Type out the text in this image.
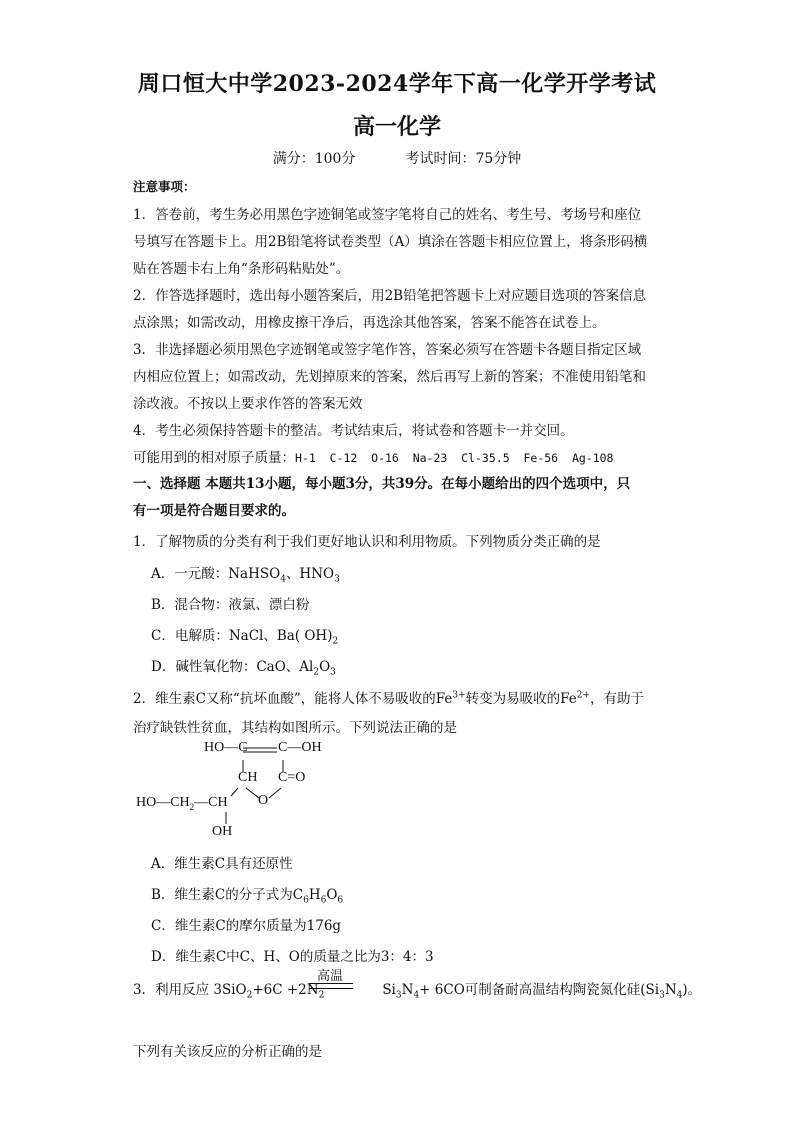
周口恒大中学2023-2024学年下高一化学开学考试
高一化学
满分：100分	考试时间：75分钟
注意事项：
1．答卷前，考生务必用黑色字迹铜笔或签字笔将自己的姓名、考生号、考场号和座位
号填写在答题卡上。用2B铅笔将试卷类型（A）填涂在答题卡相应位置上，将条形码横
贴在答题卡右上角“条形码粘贴处”。
2．作答选择题时，选出每小题答案后，用2B铅笔把答题卡上对应题目选项的答案信息
点涂黑；如需改动，用橡皮擦干净后，再选涂其他答案，答案不能答在试卷上。
3．非选择题必须用黑色字迹钢笔或签字笔作答，答案必须写在答题卡各题目指定区域
内相应位置上；如需改动，先划掉原来的答案，然后再写上新的答案；不准使用铅笔和
涂改液。不按以上要求作答的答案无效
4．考生必须保持答题卡的整洁。考试结束后，将试卷和答题卡一并交回。
可能用到的相对原子质量：H-1  C-12  O-16  Na-23  Cl-35.5  Fe-56  Ag-108
一、选择题 本题共13小题，每小题3分，共39分。在每小题给出的四个选项中，只
有一项是符合题目要求的。
1．了解物质的分类有利于我们更好地认识和利用物质。下列物质分类正确的是
A．一元酸：NaHSO$_4$、$HNO_3$
B．混合物：液氯、漂白粉
C．电解质：NaCl、Ba( $OH)_2$
D．碱性氧化物：CaO、$Al_2O_3$
2．维生素C又称“抗坏血酸”，能将人体不易吸收的$Fe^{3+}$转变为易吸收的$Fe^{2+}$，有助于
治疗缺铁性贫血，其结构如图所示。下列说法正确的是
HO—C C—OH
CH C=O
O
$HO—CH_2—CH$
OH
A．维生素C具有还原性
B．维生素C的分子式为$C_6H_6O_6$
C．维生素C的摩尔质量为176g
D．维生素C中C、H、O的质量之比为3：4：3
3．利用反应 $3SiO_2+6C +2N_2$	$Si_3N_4+ 6CO$可制备耐高温结构陶瓷氮化硅$(Si_3N_4)$。
高温
下列有关该反应的分析正确的是
